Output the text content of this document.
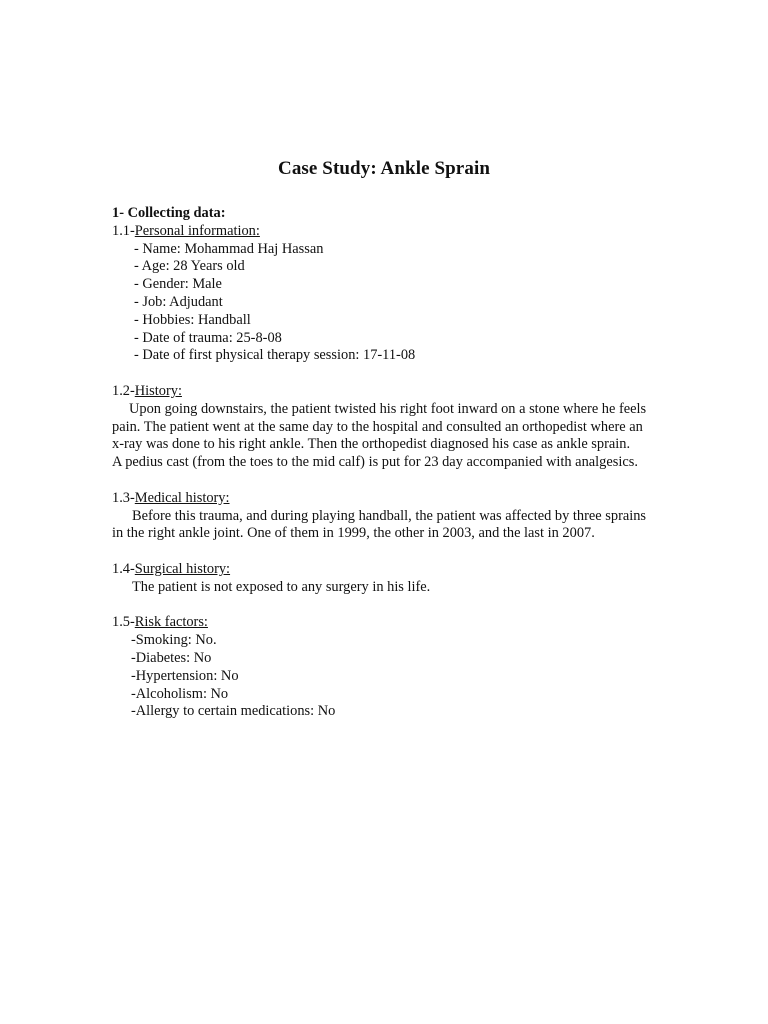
Case Study: Ankle Sprain

1- Collecting data:

1.1-Personal information:

- Name: Mohammad Haj Hassan

- Age: 28 Years old

- Gender: Male

- Job: Adjudant

- Hobbies: Handball

- Date of trauma: 25-8-08

- Date of first physical therapy session: 17-11-08

1.2-History:

Upon going downstairs, the patient twisted his right foot inward on a stone where he feels pain. The patient went at the same day to the hospital and consulted an orthopedist where an x-ray was done to his right ankle. Then the orthopedist diagnosed his case as ankle sprain.

A pedius cast (from the toes to the mid calf) is put for 23 day accompanied with analgesics.

1.3-Medical history:

Before this trauma, and during playing handball, the patient was affected by three sprains in the right ankle joint. One of them in 1999, the other in 2003, and the last in 2007.

1.4-Surgical history:

The patient is not exposed to any surgery in his life.

1.5-Risk factors:

-Smoking: No.

-Diabetes: No

-Hypertension: No

-Alcoholism: No

-Allergy to certain medications: No
